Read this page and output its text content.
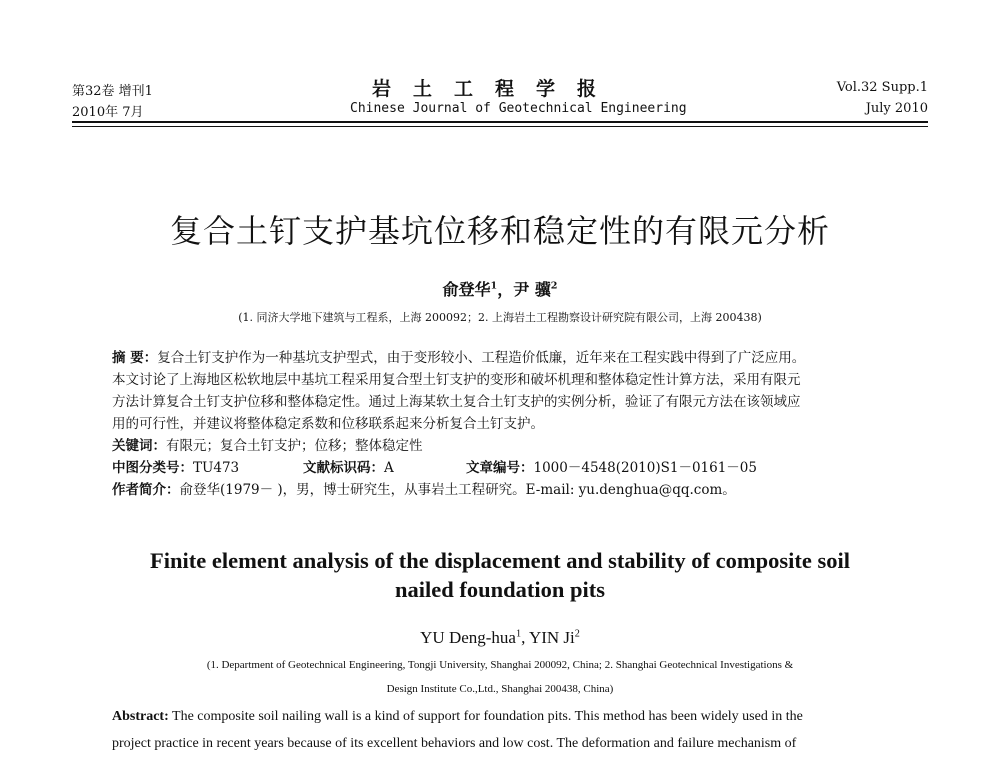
第32卷 增刊1
2010年 7月
岩土工程学报
Chinese Journal of Geotechnical Engineering
Vol.32 Supp.1
July 2010
复合土钉支护基坑位移和稳定性的有限元分析
俞登华$^1$，尹 骥$^2$
(1. 同济大学地下建筑与工程系，上海 200092；2. 上海岩土工程勘察设计研究院有限公司，上海 200438)
摘 要：复合土钉支护作为一种基坑支护型式，由于变形较小、工程造价低廉，近年来在工程实践中得到了广泛应用。
本文讨论了上海地区松软地层中基坑工程采用复合型土钉支护的变形和破坏机理和整体稳定性计算方法，采用有限元
方法计算复合土钉支护位移和整体稳定性。通过上海某软土复合土钉支护的实例分析，验证了有限元方法在该领域应
用的可行性，并建议将整体稳定系数和位移联系起来分析复合土钉支护。
关键词：有限元；复合土钉支护；位移；整体稳定性
中图分类号：TU473	文献标识码：A	文章编号：1000－4548(2010)S1－0161－05
作者简介：俞登华(1979－ )，男，博士研究生，从事岩土工程研究。E-mail: yu.denghua@qq.com。
Finite element analysis of the displacement and stability of composite soil
nailed foundation pits
YU Deng-hua$^1$, YIN Ji$^2$
(1. Department of Geotechnical Engineering, Tongji University, Shanghai 200092, China; 2. Shanghai Geotechnical Investigations &
Design Institute Co.,Ltd., Shanghai 200438, China)
Abstract: The composite soil nailing wall is a kind of support for foundation pits. This method has been widely used in the
project practice in recent years because of its excellent behaviors and low cost. The deformation and failure mechanism of
